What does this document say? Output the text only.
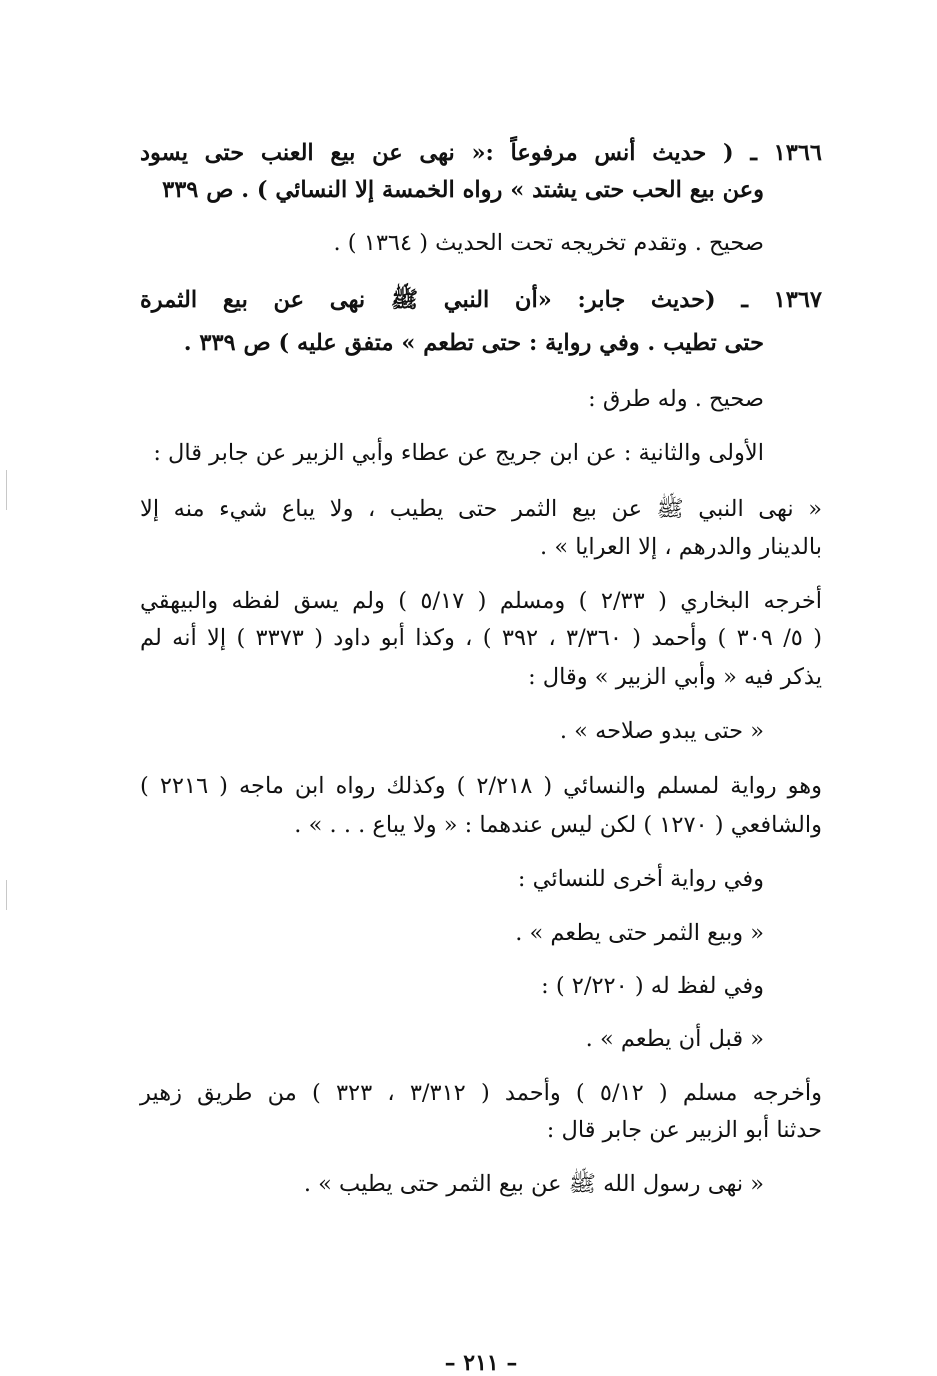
١٣٦٦ ـ ( حديث أنس مرفوعاً :« نهى عن بيع العنب حتى يسود
وعن بيع الحب حتى يشتد » رواه الخمسة إلا النسائي ) . ص ٣٣٩
صحيح . وتقدم تخريجه تحت الحديث ( ١٣٦٤ ) .
١٣٦٧ ـ (حديث جابر: «أن النبي ﷺ نهى عن بيع الثمرة
حتى تطيب . وفي رواية : حتى تطعم » متفق عليه ) ص ٣٣٩ .
صحيح . وله طرق :
الأولى والثانية : عن ابن جريج عن عطاء وأبي الزبير عن جابر قال :
« نهى النبي ﷺ عن بيع الثمر حتى يطيب ، ولا يباع شيء منه إلا
بالدينار والدرهم ، إلا العرايا » .
أخرجه البخاري ( ٢/٣٣ ) ومسلم ( ٥/١٧ ) ولم يسق لفظه والبيهقي
( ٥/ ٣٠٩ ) وأحمد ( ٣/٣٦٠ ، ٣٩٢ ) ، وكذا أبو داود ( ٣٣٧٣ ) إلا أنه لم
يذكر فيه « وأبي الزبير » وقال :
« حتى يبدو صلاحه » .
وهو رواية لمسلم والنسائي ( ٢/٢١٨ ) وكذلك رواه ابن ماجه ( ٢٢١٦ )
والشافعي ( ١٢٧٠ ) لكن ليس عندهما : « ولا يباع . . . » .
وفي رواية أخرى للنسائي :
« وبيع الثمر حتى يطعم » .
وفي لفظ له ( ٢/٢٢٠ ) :
« قبل أن يطعم » .
وأخرجه مسلم ( ٥/١٢ ) وأحمد ( ٣/٣١٢ ، ٣٢٣ ) من طريق زهير
حدثنا أبو الزبير عن جابر قال :
« نهى رسول الله ﷺ عن بيع الثمر حتى يطيب » .
– ٢١١ –
